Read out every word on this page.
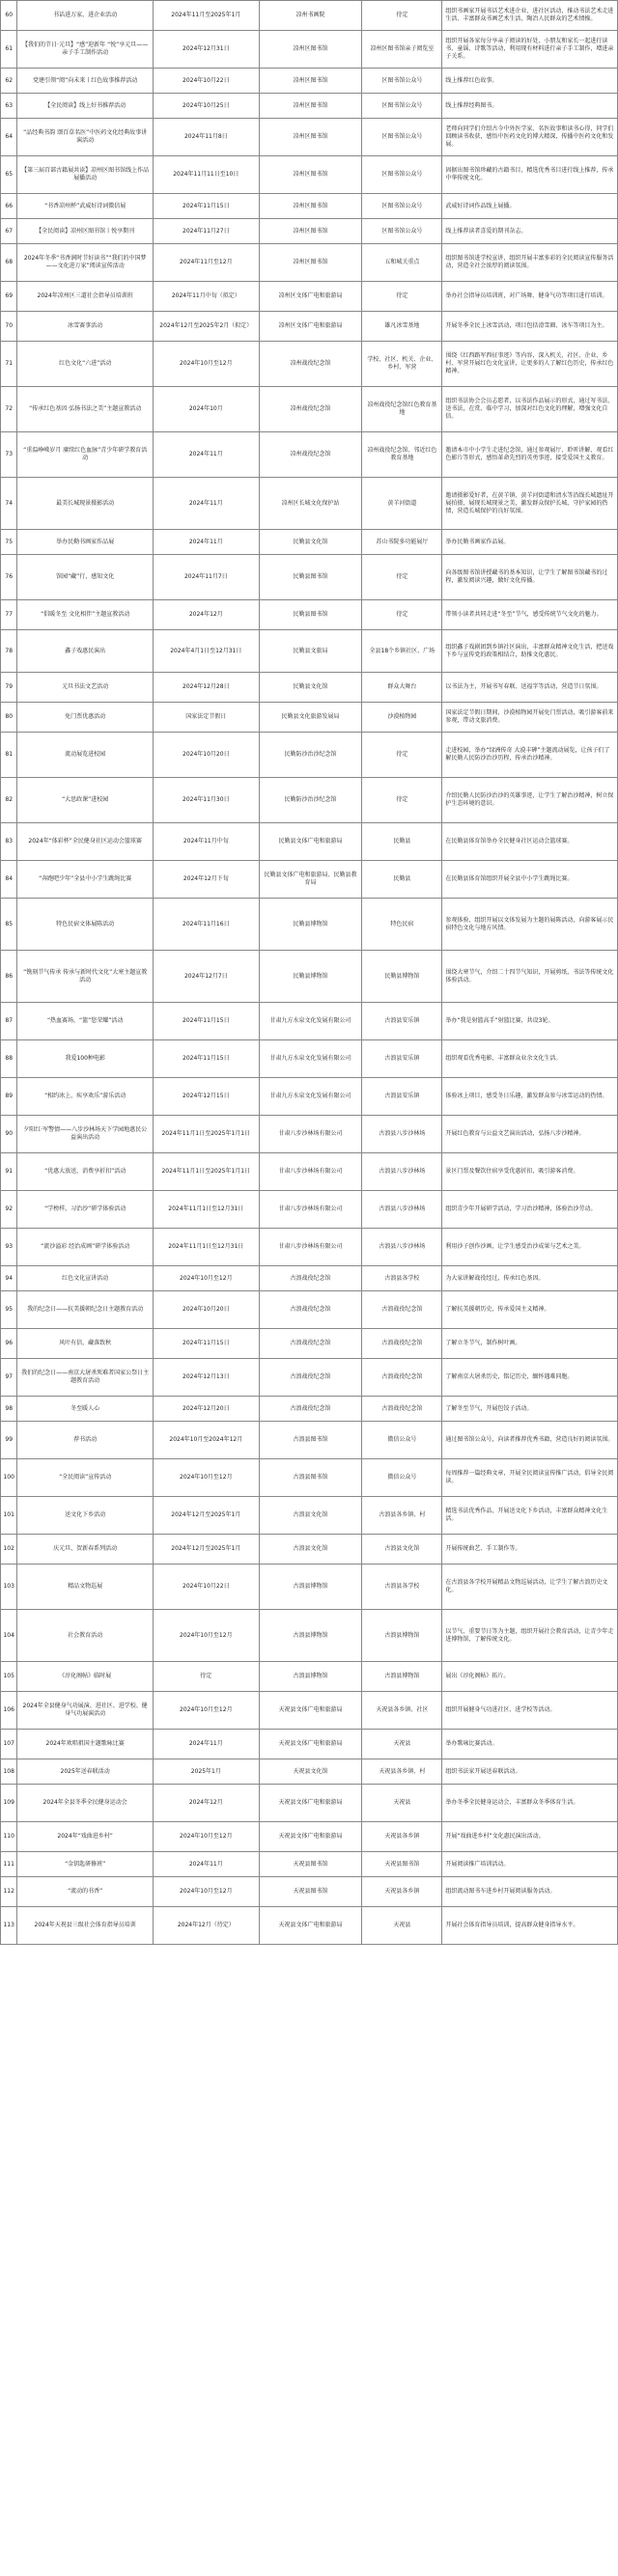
60	书话进万家，进企业活动	2024年11月至2025年1月	凉州书画院	待定	组织书画家开展书话艺术进企业、进社区活动，推动书法艺术走进生活、丰富群众书画艺术生活，陶冶人民群众的艺术情操。
61	【我们的节日·元旦】“感”迎新年 “悦”享元旦——亲子手工制作活动	2024年12月31日	凉州区图书馆	凉州区图书馆亲子阅览室	组织开展各家每分享亲子阅读的好处，小朋友和家长一起进行读书、童谣、诗歌等活动，利用现有材料进行亲子手工制作，增进亲子关系。
62	党建引领“阅”向未来丨红色故事推荐活动	2024年10月22日	凉州区图书馆	区图书馆公众号	线上推荐红色故事。
63	【全民阅读】线上好书推荐活动	2024年10月25日	凉州区图书馆	区图书馆公众号	线上推荐经典图书。
64	“品经典书韵 颂百草名医”中医药文化经典故事讲演活动	2024年11月8日	凉州区图书馆	区图书馆公众号	老师向同学们介绍古今中外医学家、名医故事和读书心得，同学们回顾读书收获，感悟中医药文化的博大精深，传播中医药文化和发展。
65	【第三届百部古籍展共读】凉州区图书馆线上作品展播活动	2024年11月11日至10日	凉州区图书馆	区图书馆公众号	固据出图书馆珍藏的古籍书目，精选优秀书目进行线上推荐，传承中华传统文化。
66	“书香凉州杯”武威好诗词微信展	2024年11月15日	凉州区图书馆	区图书馆公众号	武威好诗词作品线上展播。
67	【全民阅读】凉州区图书馆丨悦享期刊	2024年11月27日	凉州区图书馆	区图书馆公众号	线上推荐读者喜爱的期刊杂志。
68	2024年冬季“书香润时节好读书”“我们的中国梦——文化进万家”阅读宣传活动	2024年11月至12月	凉州区图书馆	五和城关重点	组织图书馆进学校宣讲，组织开展丰富多彩的全民阅读宣传服务活动，营造全社会浓厚的阅读氛围。
69	2024年凉州区三道社会指导员培训班	2024年11月中旬（拟定）	凉州区文体广电和旅游局	待定	举办社会指导员培训班，对广场舞、健身气功等项目进行培训。
70	冰雪赛事活动	2024年12月至2025年2月（拟定）	凉州区文体广电和旅游局	雄凡冰雪基地	开展冬季全民上冰雪活动，项目包括滑雪圈、冰车等项目为主。
71	红色文化“六进”活动	2024年10月至12月	凉州战役纪念馆	学校、社区、机关、企业、乡村、军营	围绕《红西路军西征事迹》等内容，深入机关、社区、企业、乡村、军营开展红色文化宣讲，让更多的人了解红色历史，传承红色精神。
72	“传承红色基因 弘扬书法之美”主题宣教活动	2024年10月	凉州战役纪念馆	凉州战役纪念馆红色教育基地	组织书法协会会员志愿者，以书法作品展示的形式，通过写书法、送书法，在赏、临中学习，加深对红色文化的理解，增强文化自信。
73	“重温峥嵘岁月 赓续红色血脉”青少年研学教育活动	2024年11月	凉州战役纪念馆	凉州战役纪念馆、邻近红色教育基地	邀请本市中小学生走进纪念馆，通过参观展厅、聆听讲解、观看红色影片等形式，感悟革命先烈的英勇事迹，接受爱国主义教育。
74	最美长城现景摄影活动	2024年11月	凉州区长城文化保护站	黄羊河街道	邀请摄影爱好者，在黄羊镇、黄羊河街道和清水等沿线长城遗址开展拍摄，展现长城现景之美，激发群众保护长城、守护家园的热情，营造长城保护的良好氛围。
75	举办民勤书画家作品展	2024年11月	民勤县文化馆	苏山书院多功能展厅	举办民勤书画家作品展。
76	馆园“藏”行，感知文化	2024年11月7日	民勤县图书馆	待定	向各级图书馆讲授藏书的基本知识，让学生了解图书馆藏书的过程，激发阅读兴趣，做好文化传播。
77	“倡暖冬至 文化相伴”主题宣教活动	2024年12月	民勤县图书馆	待定	带领小读者共同走进“冬至”节气，感受传统节气文化的魅力。
78	鑫子戏惠民演出	2024年4月1日至12月31日	民勤县文旅局	全县18个乡镇社区、广场	组织鑫子戏剧团到乡镇社区演出，丰富群众精神文化生活，把送戏下乡与宣传党的政策相结合，助推文化惠民。
79	元旦书法文艺活动	2024年12月28日	民勤县文化馆	群众大舞台	以书法为主，开展书写春联、送福字等活动，营造节日氛围。
80	免门票优惠活动	国家法定节假日	民勤县文化旅游发展局	沙漠植物园	国家法定节假日期间，沙漠植物园开展免门票活动，吸引游客前来参观，带动文旅消费。
81	流动展览进校园	2024年10月20日	民勤防沙治沙纪念馆	待定	走进校园，举办“绿洲传奇 大漠丰碑”主题流动展览，让孩子们了解民勤人民防沙治沙历程，传承治沙精神。
82	“大思政课”进校园	2024年11月30日	民勤防沙治沙纪念馆	待定	介绍民勤人民防沙治沙的英雄事迹，让学生了解治沙精神，树立保护生态环境的意识。
83	2024年“体彩杯”全民健身社区运动会篮球赛	2024年11月中旬	民勤县文体广电和旅游局	民勤县	在民勤县体育馆举办全民健身社区运动会篮球赛。
84	“奔跑吧少年”全县中小学生跳绳比赛	2024年12月下旬	民勤县文体广电和旅游局、民勤县教育局	民勤县	在民勤县体育馆组织开展全县中小学生跳绳比赛。
85	特色民宿文体展陈活动	2024年11月16日	民勤县博物馆	特色民宿	参观体验，组织开展以文体发展为主题的展陈活动，向游客展示民宿特色文化与地方风情。
86	“镌刻节气传承 传承与新时代文化”大寒主题宣教活动	2024年12月7日	民勤县博物馆	民勤县博物馆	围绕大寒节气，介绍二十四节气知识，开展剪纸、书法等传统文化体验活动。
87	“热血赛场，“篮”您荣耀”活动	2024年11月15日	甘肃九方水泉文化发展有限公司	古浪县安乐镇	举办“我是射篮高手”射篮比赛，共设3轮。
88	我爱100种电影	2024年11月15日	甘肃九方水泉文化发展有限公司	古浪县安乐镇	组织观看优秀电影，丰富群众业余文化生活。
89	“相约冰上，疾享欢乐”游乐活动	2024年12月15日	甘肃九方水泉文化发展有限公司	古浪县安乐镇	体验冰上项目，感受冬日乐趣，激发群众参与冰雪运动的热情。
90	夕阳红·军警情——八步沙林场天下学园地惠民公益演出活动	2024年11月1日至2025年1月1日	甘肃八步沙林场有限公司	古浪县八步沙林场	开展红色教育与公益文艺演出活动，弘扬八步沙精神。
91	“优惠大放送，消费享折扣”活动	2024年11月1日至2025年1月1日	甘肃八步沙林场有限公司	古浪县八步沙林场	景区门票及餐饮住宿享受优惠折扣，吸引游客消费。
92	“学榜样，习治沙”研学体验活动	2024年11月1日至12月31日	甘肃八步沙林场有限公司	古浪县八步沙林场	组织青少年开展研学活动，学习治沙精神，体验治沙劳动。
93	“流沙溢彩 经治成画”研学体验活动	2024年11月1日至12月31日	甘肃八步沙林场有限公司	古浪县八步沙林场	利用沙子创作沙画，让学生感受治沙成果与艺术之美。
94	红色文化宣讲活动	2024年10月至12月	古浪战役纪念馆	古浪县各学校	为大家讲解战役经过，传承红色基因。
95	我的纪念日——抗美援朝纪念日主题教育活动	2024年10月20日	古浪战役纪念馆	古浪战役纪念馆	了解抗美援朝历史，传承爱国主义精神。
96	风叶有信，藏落致秋	2024年11月15日	古浪战役纪念馆	古浪战役纪念馆	了解立冬节气，制作树叶画。
97	我们的纪念日——南京大屠杀死难者国家公祭日主题教育活动	2024年12月13日	古浪战役纪念馆	古浪战役纪念馆	了解南京大屠杀历史，铭记历史，缅怀遇难同胞。
98	冬至暖人心	2024年12月20日	古浪战役纪念馆	古浪战役纪念馆	了解冬至节气，开展包饺子活动。
99	荐书活动	2024年10月至2024年12月	古浪县图书馆	微信公众号	通过图书馆公众号，向读者推荐优秀书籍，营造良好的阅读氛围。
100	“全民阅读”宣传活动	2024年10月至12月	古浪县图书馆	微信公众号	每周推荐一篇经典文章，开展全民阅读宣传推广活动，倡导全民阅读。
101	送文化下乡活动	2024年12月至2025年1月	古浪县文化馆	古浪县各乡镇、村	精选书法优秀作品，开展送文化下乡活动，丰富群众精神文化生活。
102	庆元旦、贺新春系列活动	2024年12月至2025年1月	古浪县文化馆	古浪县文化馆	开展传统曲艺、手工制作等。
103	精品文物巡展	2024年10月22日	古浪县博物馆	古浪县各学校	在古浪县各学校开展精品文物巡展活动，让学生了解古浪历史文化。
104	社会教育活动	2024年10月至12月	古浪县博物馆	古浪县博物馆	以节气、重要节日等为主题，组织开展社会教育活动，让青少年走进博物馆，了解传统文化。
105	《淳化阁帖》临时展	待定	古浪县博物馆	古浪县博物馆	展出《淳化阁帖》拓片。
106	2024年全县健身气功展演、进社区、进学校、健身气功展演活动	2024年10月至12月	天祝县文体广电和旅游局	天祝县各乡镇、社区	组织开展健身气功进社区、进学校等活动。
107	2024年欢唱祖国主题歌咏比赛	2024年11月	天祝县文体广电和旅游局	天祝县	举办歌咏比赛活动。
108	2025年送春联活动	2025年1月	天祝县文化馆	天祝县各乡镇、村	组织书法家开展送春联活动。
109	2024年全县冬季全民健身运动会	2024年12月	天祝县文体广电和旅游局	天祝县	举办冬季全民健身运动会，丰富群众冬季体育生活。
110	2024年“戏曲进乡村”	2024年10月至12月	天祝县文体广电和旅游局	天祝县各乡镇	开展“戏曲进乡村”文化惠民演出活动。
111	“金钥匙研修班”	2024年11月	天祝县图书馆	天祝县图书馆	开展阅读推广培训活动。
112	“流动的书香”	2024年10月至12月	天祝县图书馆	天祝县各乡镇	组织流动图书车进乡村开展阅读服务活动。
113	2024年天祝县三级社会体育指导员培训	2024年12月（待定）	天祝县文体广电和旅游局	天祝县	开展社会体育指导员培训，提高群众健身指导水平。
